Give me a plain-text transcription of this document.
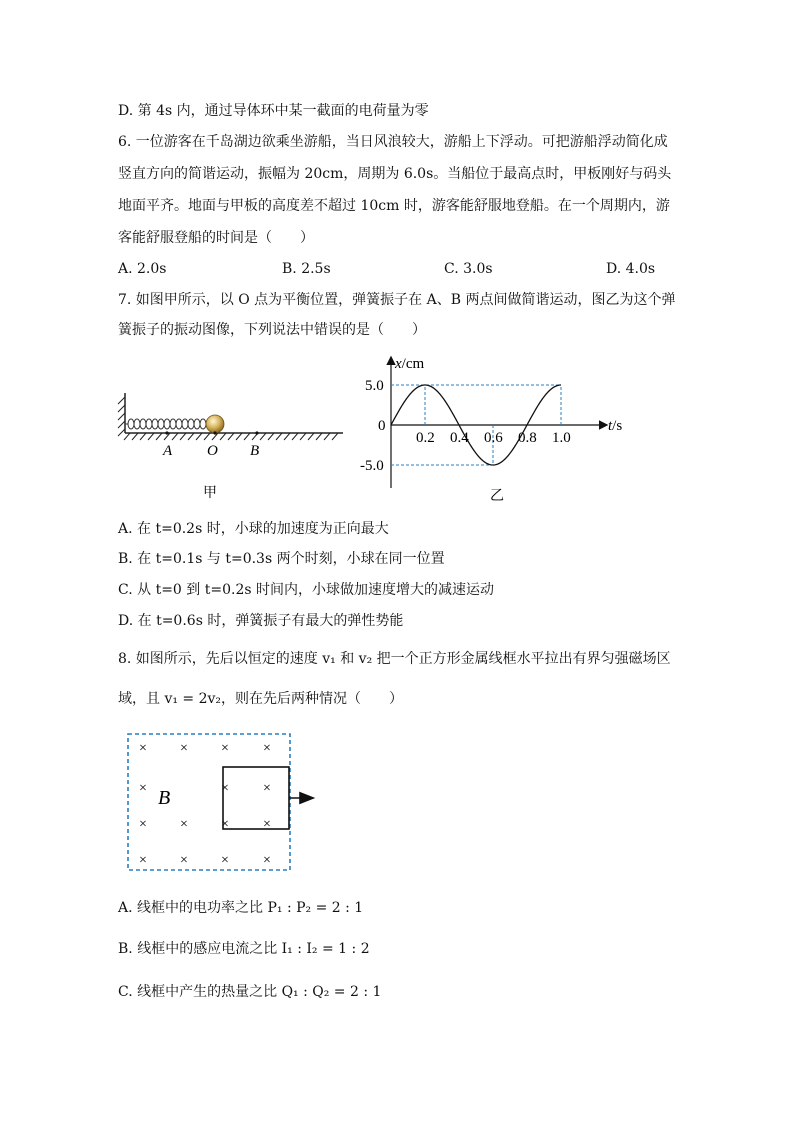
D. 第 4s 内，通过导体环中某一截面的电荷量为零
6. 一位游客在千岛湖边欲乘坐游船，当日风浪较大，游船上下浮动。可把游船浮动简化成
竖直方向的简谐运动，振幅为 20cm，周期为 6.0s。当船位于最高点时，甲板刚好与码头
地面平齐。地面与甲板的高度差不超过 10cm 时，游客能舒服地登船。在一个周期内，游
客能舒服登船的时间是（　　）
A. 2.0s	B. 2.5s	C. 3.0s	D. 4.0s
7. 如图甲所示，以 O 点为平衡位置，弹簧振子在 A、B 两点间做简谐运动，图乙为这个弹
簧振子的振动图像，下列说法中错误的是（　　）
A O B
甲
x/cm
t/s
5.0
0
-5.0
0.2 0.4 0.6 0.8 1.0
乙
A. 在 t=0.2s 时，小球的加速度为正向最大
B. 在 t=0.1s 与 t=0.3s 两个时刻，小球在同一位置
C. 从 t=0 到 t=0.2s 时间内，小球做加速度增大的减速运动
D. 在 t=0.6s 时，弹簧振子有最大的弹性势能
8. 如图所示，先后以恒定的速度 v₁ 和 v₂ 把一个正方形金属线框水平拉出有界匀强磁场区
域，且 v₁ = 2v₂，则在先后两种情况（　　）
× × × ×
×	× ×
× × × ×
× × × ×
B
A. 线框中的电功率之比 P₁ : P₂ = 2 : 1
B. 线框中的感应电流之比 I₁ : I₂ = 1 : 2
C. 线框中产生的热量之比 Q₁ : Q₂ = 2 : 1
